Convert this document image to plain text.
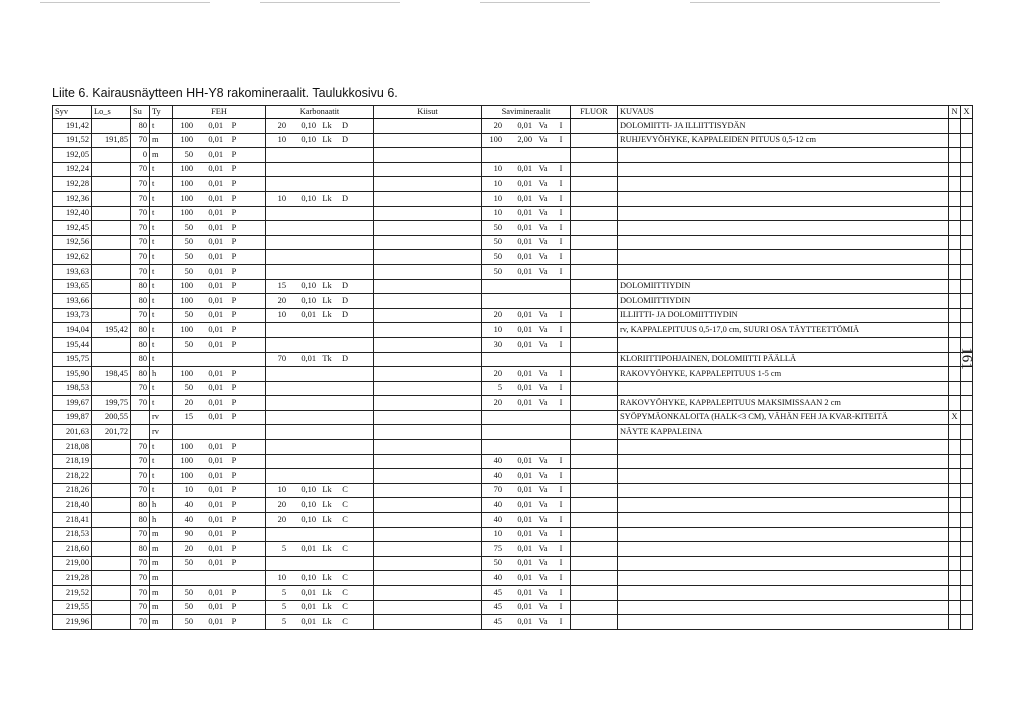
Liite 6. Kairausnäytteen HH-Y8 rakomineraalit. Taulukkosivu 6.
Syv	Lo_s	Su	Ty	FEH	Karbonaatit	Kiisut	Savimineraalit	FLUOR	KUVAUS	N	X
191,42		80	t	100 0,01 P	20 0,10 Lk D		20 0,01 Va I		DOLOMIITTI- JA ILLIITTISYDÄN		
191,52	191,85	70	m	100 0,01 P	10 0,10 Lk D		100 2,00 Va I		RUHJEVYÖHYKE, KAPPALEIDEN PITUUS 0,5-12 cm		
192,05		0	m	50 0,01 P							

192,24		70	t	100 0,01 P			10 0,01 Va I				

192,28		70	t	100 0,01 P			10 0,01 Va I				

192,36		70	t	100 0,01 P	10 0,10 Lk D		10 0,01 Va I				

192,40		70	t	100 0,01 P			10 0,01 Va I				

192,45		70	t	50 0,01 P			50 0,01 Va I				

192,56		70	t	50 0,01 P			50 0,01 Va I				

192,62		70	t	50 0,01 P			50 0,01 Va I				

193,63		70	t	50 0,01 P			50 0,01 Va I				

193,65		80	t	100 0,01 P	15 0,10 Lk D				DOLOMIITTIYDIN		
193,66		80	t	100 0,01 P	20 0,10 Lk D				DOLOMIITTIYDIN		
193,73		70	t	50 0,01 P	10 0,01 Lk D		20 0,01 Va I		ILLIITTI- JA DOLOMIITTIYDIN		
194,04	195,42	80	t	100 0,01 P			10 0,01 Va I		rv, KAPPALEPITUUS 0,5-17,0 cm, SUURI OSA TÄYTTEETTÖMIÄ		
195,44		80	t	50 0,01 P			30 0,01 Va I				

195,75		80	t		70 0,01 Tk D				KLORIITTIPOHJAINEN, DOLOMIITTI PÄÄLLÄ		
195,90	198,45	80	h	100 0,01 P			20 0,01 Va I		RAKOVYÖHYKE, KAPPALEPITUUS 1-5 cm		
198,53		70	t	50 0,01 P			5 0,01 Va I				

199,67	199,75	70	t	20 0,01 P			20 0,01 Va I		RAKOVYÖHYKE, KAPPALEPITUUS MAKSIMISSAAN 2 cm		
199,87	200,55		rv	15 0,01 P					SYÖPYMÄONKALOITA (HALK<3 CM), VÄHÄN FEH JA KVAR-KITEITÄ	X	
201,63	201,72		rv						NÄYTE KAPPALEINA		
218,08		70	t	100 0,01 P							

218,19		70	t	100 0,01 P			40 0,01 Va I				

218,22		70	t	100 0,01 P			40 0,01 Va I				

218,26		70	t	10 0,01 P	10 0,10 Lk C		70 0,01 Va I				

218,40		80	h	40 0,01 P	20 0,10 Lk C		40 0,01 Va I				

218,41		80	h	40 0,01 P	20 0,10 Lk C		40 0,01 Va I				

218,53		70	m	90 0,01 P			10 0,01 Va I				

218,60		80	m	20 0,01 P	5 0,01 Lk C		75 0,01 Va I				

219,00		70	m	50 0,01 P			50 0,01 Va I				

219,28		70	m		10 0,10 Lk C		40 0,01 Va I				

219,52		70	m	50 0,01 P	5 0,01 Lk C		45 0,01 Va I				

219,55		70	m	50 0,01 P	5 0,01 Lk C		45 0,01 Va I				

219,96		70	m	50 0,01 P	5 0,01 Lk C		45 0,01 Va I				

161
